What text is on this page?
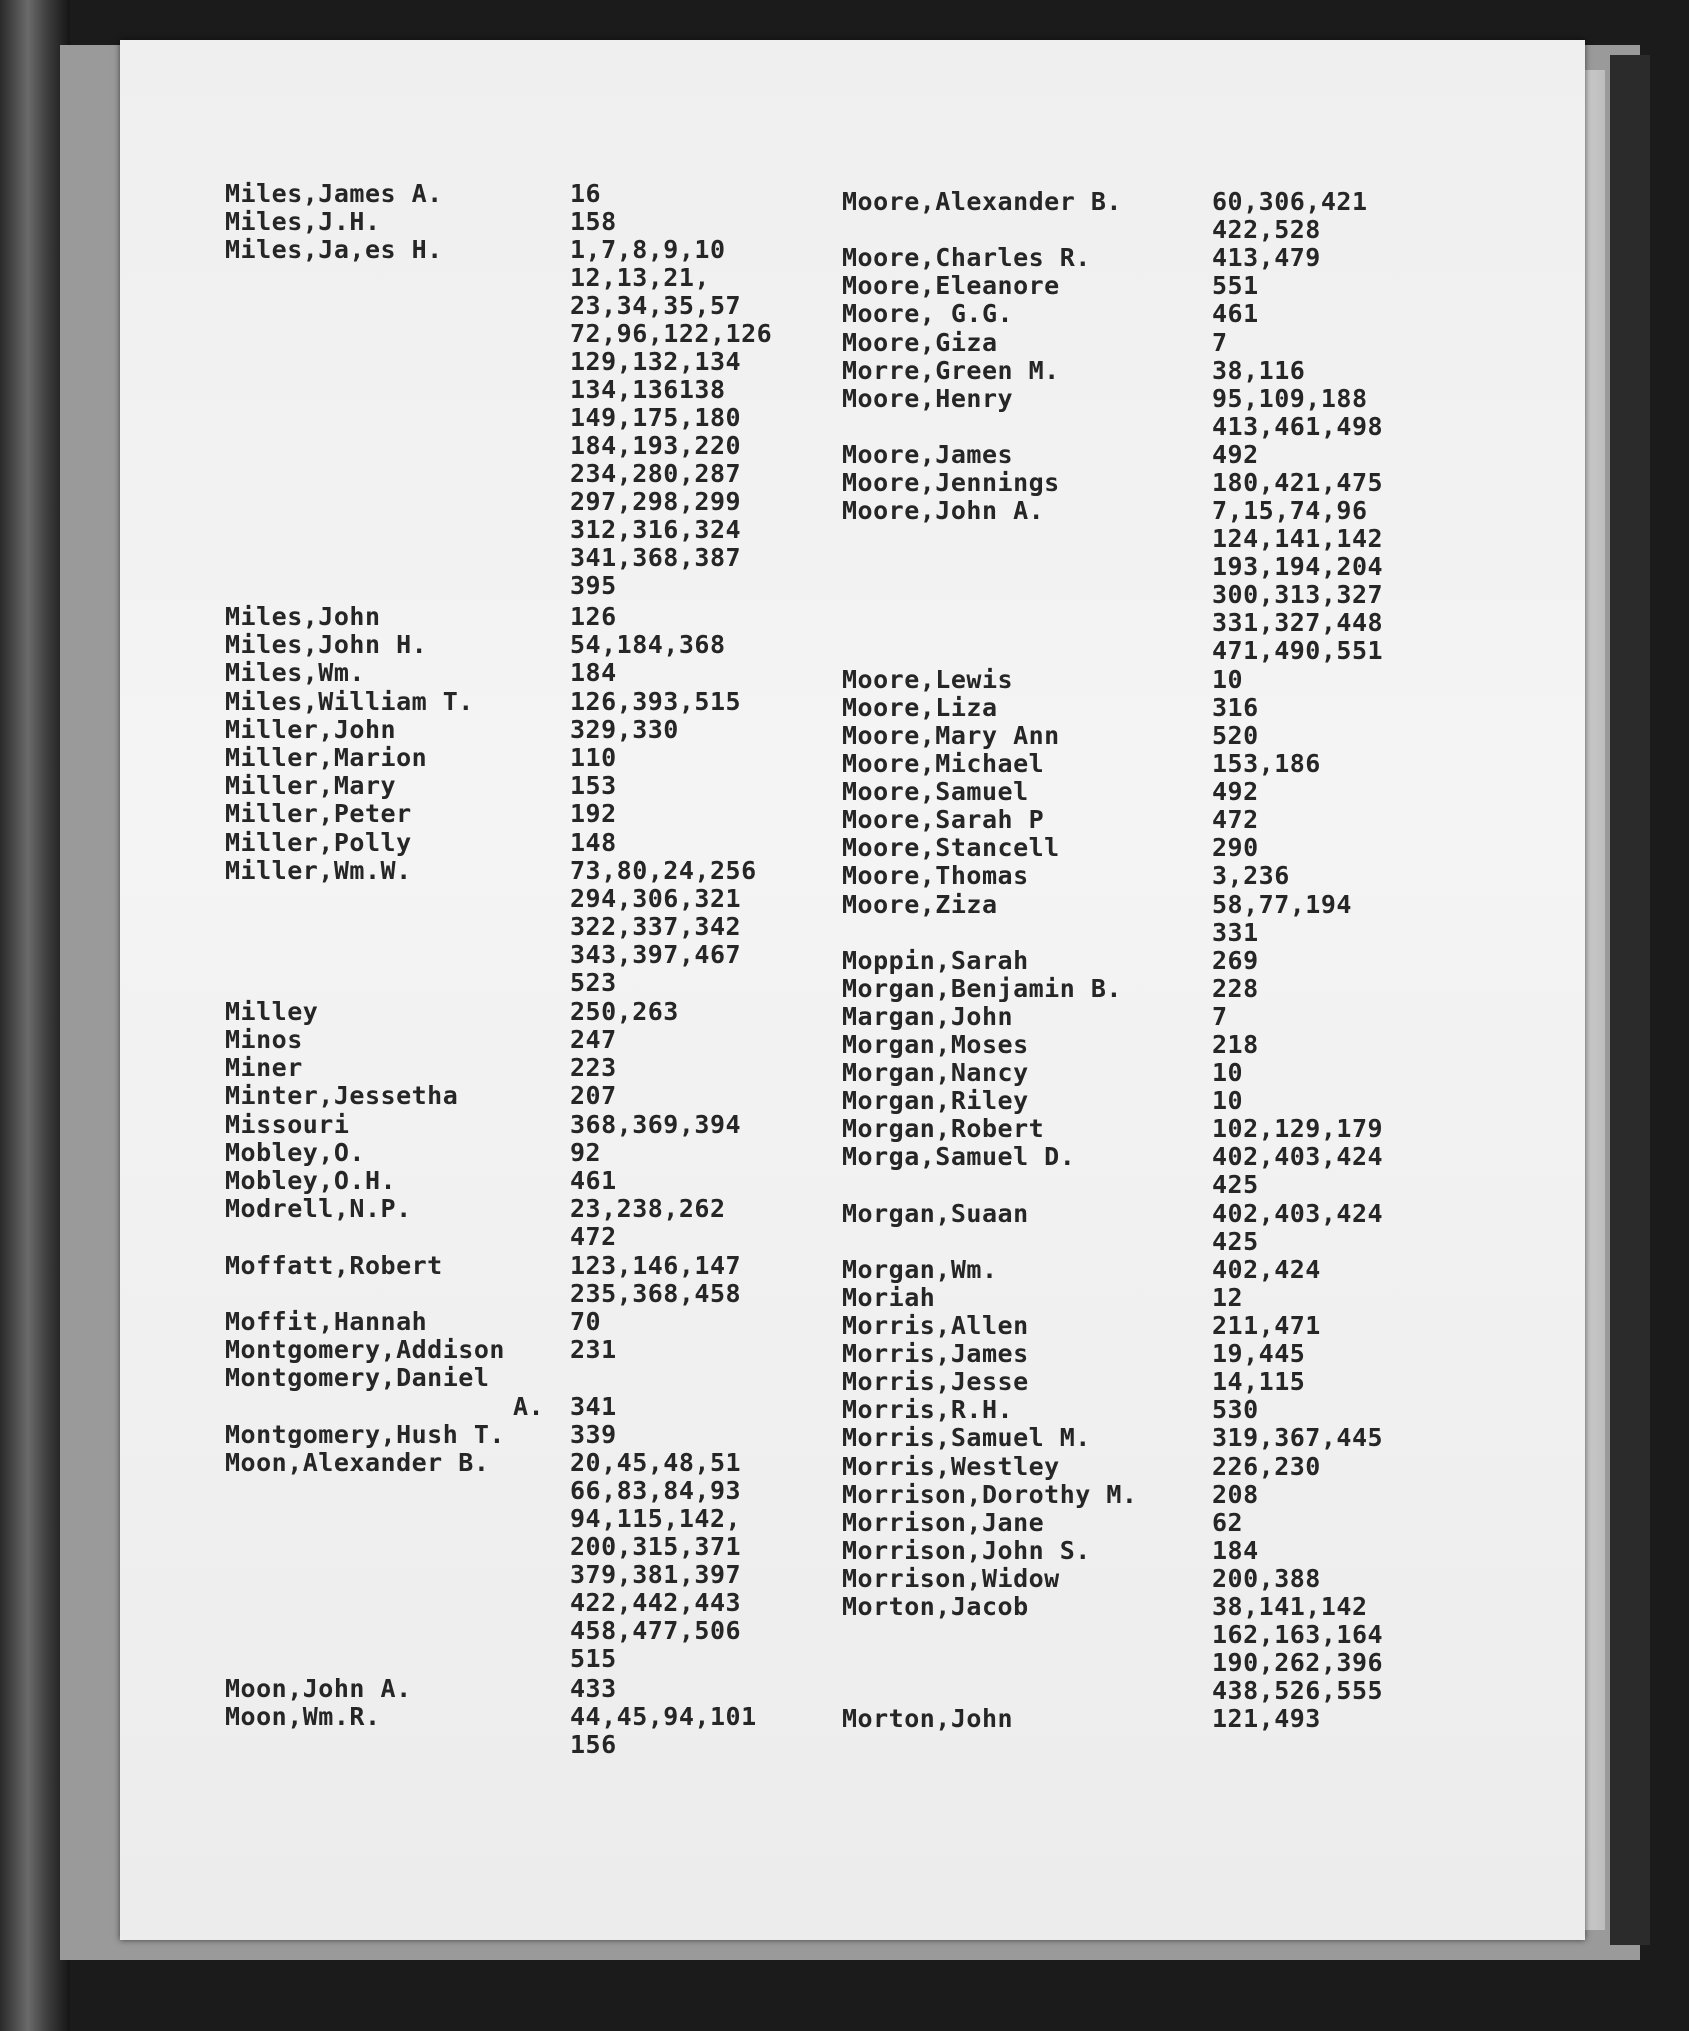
Miles,James A.	16
Miles,J.H.	158
Miles,Ja,es H.	1,7,8,9,10
12,13,21,
23,34,35,57
72,96,122,126
129,132,134
134,136138
149,175,180
184,193,220
234,280,287
297,298,299
312,316,324
341,368,387
395
Miles,John	126
Miles,John H.	54,184,368
Miles,Wm.	184
Miles,William T.	126,393,515
Miller,John	329,330
Miller,Marion	110
Miller,Mary	153
Miller,Peter	192
Miller,Polly	148
Miller,Wm.W.	73,80,24,256
294,306,321
322,337,342
343,397,467
523
Milley	250,263
Minos	247
Miner	223
Minter,Jessetha	207
Missouri	368,369,394
Mobley,O.	92
Mobley,O.H.	461
Modrell,N.P.	23,238,262
472
Moffatt,Robert	123,146,147
235,368,458
Moffit,Hannah	70
Montgomery,Addison	231
Montgomery,Daniel
A. 341
Montgomery,Hush T.	339
Moon,Alexander B.	20,45,48,51
66,83,84,93
94,115,142,
200,315,371
379,381,397
422,442,443
458,477,506
515
Moon,John A.	433
Moon,Wm.R.	44,45,94,101
156
Moore,Alexander B.	60,306,421
422,528
Moore,Charles R.	413,479
Moore,Eleanore	551
Moore, G.G.	461
Moore,Giza	7
Morre,Green M.	38,116
Moore,Henry	95,109,188
413,461,498
Moore,James	492
Moore,Jennings	180,421,475
Moore,John A.	7,15,74,96
124,141,142
193,194,204
300,313,327
331,327,448
471,490,551
Moore,Lewis	10
Moore,Liza	316
Moore,Mary Ann	520
Moore,Michael	153,186
Moore,Samuel	492
Moore,Sarah P	472
Moore,Stancell	290
Moore,Thomas	3,236
Moore,Ziza	58,77,194
331
Moppin,Sarah	269
Morgan,Benjamin B.	228
Margan,John	7
Morgan,Moses	218
Morgan,Nancy	10
Morgan,Riley	10
Morgan,Robert	102,129,179
Morga,Samuel D.	402,403,424
425
Morgan,Suaan	402,403,424
425
Morgan,Wm.	402,424
Moriah	12
Morris,Allen	211,471
Morris,James	19,445
Morris,Jesse	14,115
Morris,R.H.	530
Morris,Samuel M.	319,367,445
Morris,Westley	226,230
Morrison,Dorothy M.	208
Morrison,Jane	62
Morrison,John S.	184
Morrison,Widow	200,388
Morton,Jacob	38,141,142
162,163,164
190,262,396
438,526,555
Morton,John	121,493
